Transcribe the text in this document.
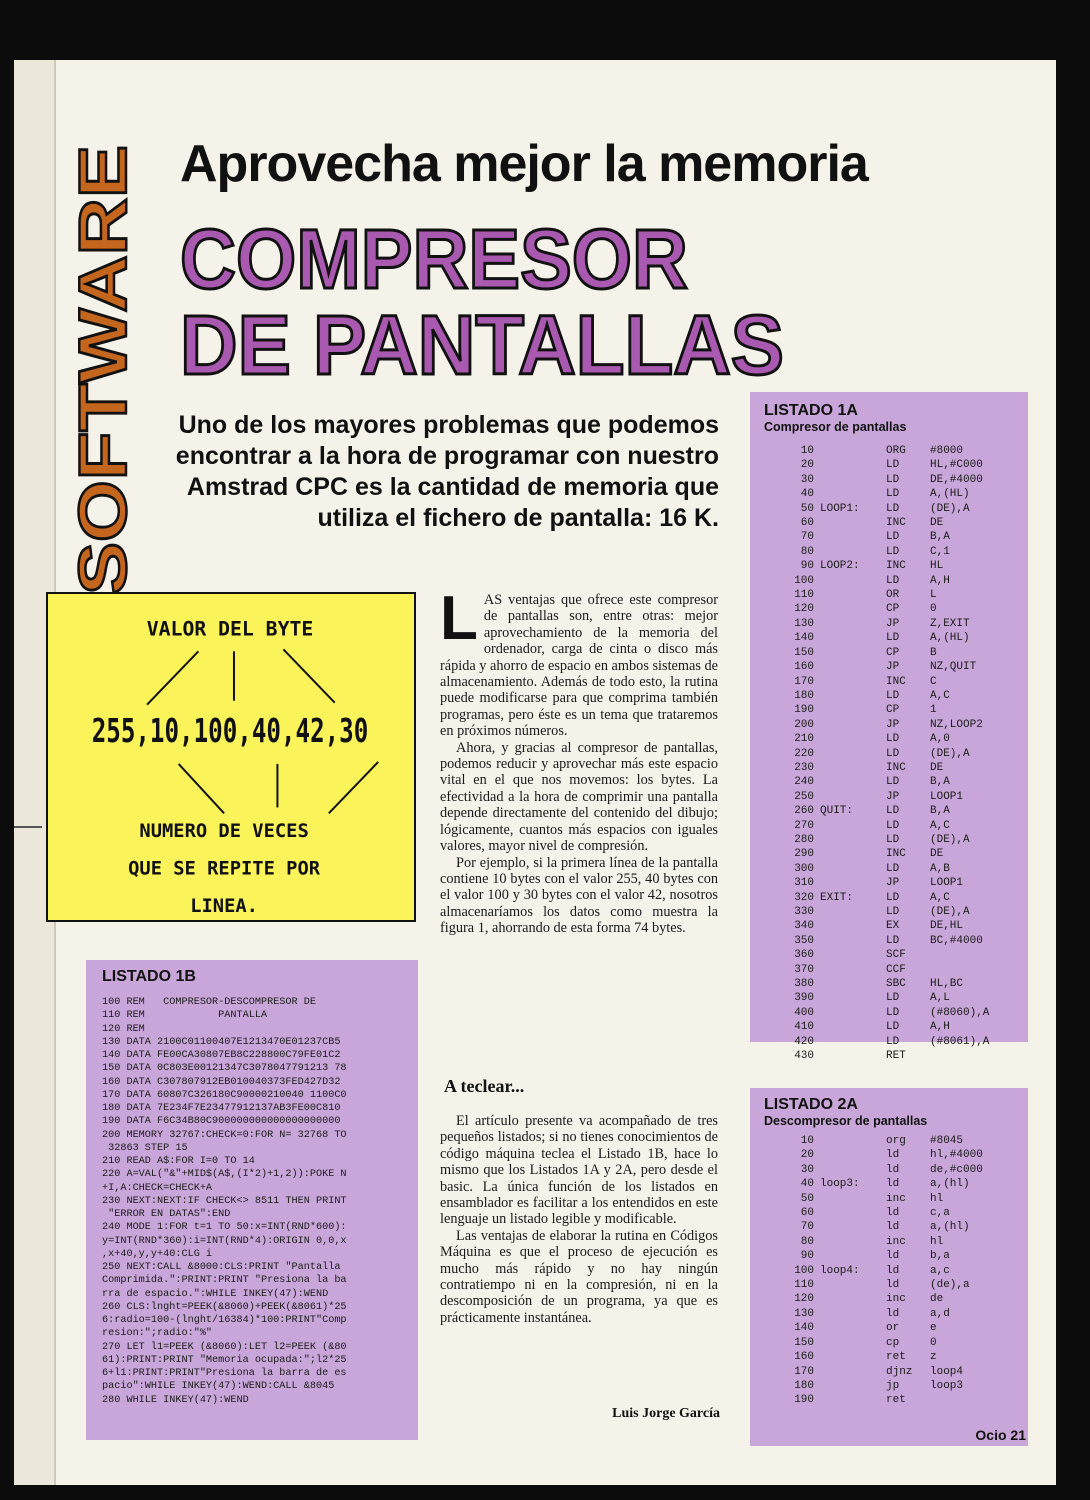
SOFTWARE
Aprovecha mejor la memoria
COMPRESOR
DE PANTALLAS

Uno de los mayores problemas que podemos encontrar a la hora de programar con nuestro Amstrad CPC es la cantidad de memoria que utiliza el fichero de pantalla: 16 K.

VALOR DEL BYTE
255,10,100,40,42,30
NUMERO DE VECES
QUE SE REPITE POR
LINEA.

LAS ventajas que ofrece este compresor de pantallas son, entre otras: mejor aprovechamiento de la memoria del ordenador, carga de cinta o disco más rápida y ahorro de espacio en ambos sistemas de almacenamiento. Además de todo esto, la rutina puede modificarse para que comprima también programas, pero éste es un tema que trataremos en próximos números.

Ahora, y gracias al compresor de pantallas, podemos reducir y aprovechar más este espacio vital en el que nos movemos: los bytes. La efectividad a la hora de comprimir una pantalla depende directamente del contenido del dibujo; lógicamente, cuantos más espacios con iguales valores, mayor nivel de compresión.

Por ejemplo, si la primera línea de la pantalla contiene 10 bytes con el valor 255, 40 bytes con el valor 100 y 30 bytes con el valor 42, nosotros almacenaríamos los datos como muestra la figura 1, ahorrando de esta forma 74 bytes.

A teclear...

El artículo presente va acompañado de tres pequeños listados; si no tienes conocimientos de código máquina teclea el Listado 1B, hace lo mismo que los Listados 1A y 2A, pero desde el basic. La única función de los listados en ensamblador es facilitar a los entendidos en este lenguaje un listado legible y modificable.

Las ventajas de elaborar la rutina en Códigos Máquina es que el proceso de ejecución es mucho más rápido y no hay ningún contratiempo ni en la compresión, ni en la descomposición de un programa, ya que es prácticamente instantánea.

Luis Jorge García

LISTADO 1B

100 REM   COMPRESOR-DESCOMPRESOR DE
110 REM            PANTALLA
120 REM
130 DATA 2100C01100407E1213470E01237CB5
140 DATA FE00CA30807EB8C228800C79FE01C2
150 DATA 0C803E00121347C3078047791213 78
160 DATA C307807912EB010040373FED427D32
170 DATA 60807C326180C90000210040 1100C0
180 DATA 7E234F7E23477912137AB3FE00C810
190 DATA F6C34B80C900000000000000000000
200 MEMORY 32767:CHECK=0:FOR N= 32768 TO
32863 STEP 15
210 READ A$:FOR I=0 TO 14
220 A=VAL("&"+MID$(A$,(I*2)+1,2)):POKE N
+I,A:CHECK=CHECK+A
230 NEXT:NEXT:IF CHECK<> 8511 THEN PRINT
"ERROR EN DATAS":END
240 MODE 1:FOR t=1 TO 50:x=INT(RND*600):
y=INT(RND*360):i=INT(RND*4):ORIGIN 0,0,x
,x+40,y,y+40:CLG i
250 NEXT:CALL &8000:CLS:PRINT "Pantalla
Comprimida.":PRINT:PRINT "Presiona la ba
rra de espacio.":WHILE INKEY(47):WEND
260 CLS:lnght=PEEK(&8060)+PEEK(&8061)*25
6:radio=100-(lnght/16384)*100:PRINT"Comp
resion:";radio:"%"
270 LET l1=PEEK (&8060):LET l2=PEEK (&80
61):PRINT:PRINT "Memoria ocupada:";l2*25
6+l1:PRINT:PRINT"Presiona la barra de es
pacio":WHILE INKEY(47):WEND:CALL &8045
280 WHILE INKEY(47):WEND

LISTADO 1A

Compresor de pantallas

10		ORG	#8000
20		LD	HL,#C000
30		LD	DE,#4000
40		LD	A,(HL)
50	LOOP1:	LD	(DE),A
60		INC	DE
70		LD	B,A
80		LD	C,1
90	LOOP2:	INC	HL
100		LD	A,H
110		OR	L
120		CP	0
130		JP	Z,EXIT
140		LD	A,(HL)
150		CP	B
160		JP	NZ,QUIT
170		INC	C
180		LD	A,C
190		CP	1
200		JP	NZ,LOOP2
210		LD	A,0
220		LD	(DE),A
230		INC	DE
240		LD	B,A
250		JP	LOOP1
260	QUIT:	LD	B,A
270		LD	A,C
280		LD	(DE),A
290		INC	DE
300		LD	A,B
310		JP	LOOP1
320	EXIT:	LD	A,C
330		LD	(DE),A
340		EX	DE,HL
350		LD	BC,#4000
360		SCF	
370		CCF	
380		SBC	HL,BC
390		LD	A,L
400		LD	(#8060),A
410		LD	A,H
420		LD	(#8061),A
430		RET	

LISTADO 2A

Descompresor de pantallas

10		org	#8045
20		ld	hl,#4000
30		ld	de,#c000
40	loop3:	ld	a,(hl)
50		inc	hl
60		ld	c,a
70		ld	a,(hl)
80		inc	hl
90		ld	b,a
100	loop4:	ld	a,c
110		ld	(de),a
120		inc	de
130		ld	a,d
140		or	e
150		cp	0
160		ret	z
170		djnz	loop4
180		jp	loop3
190		ret	

Ocio 21
